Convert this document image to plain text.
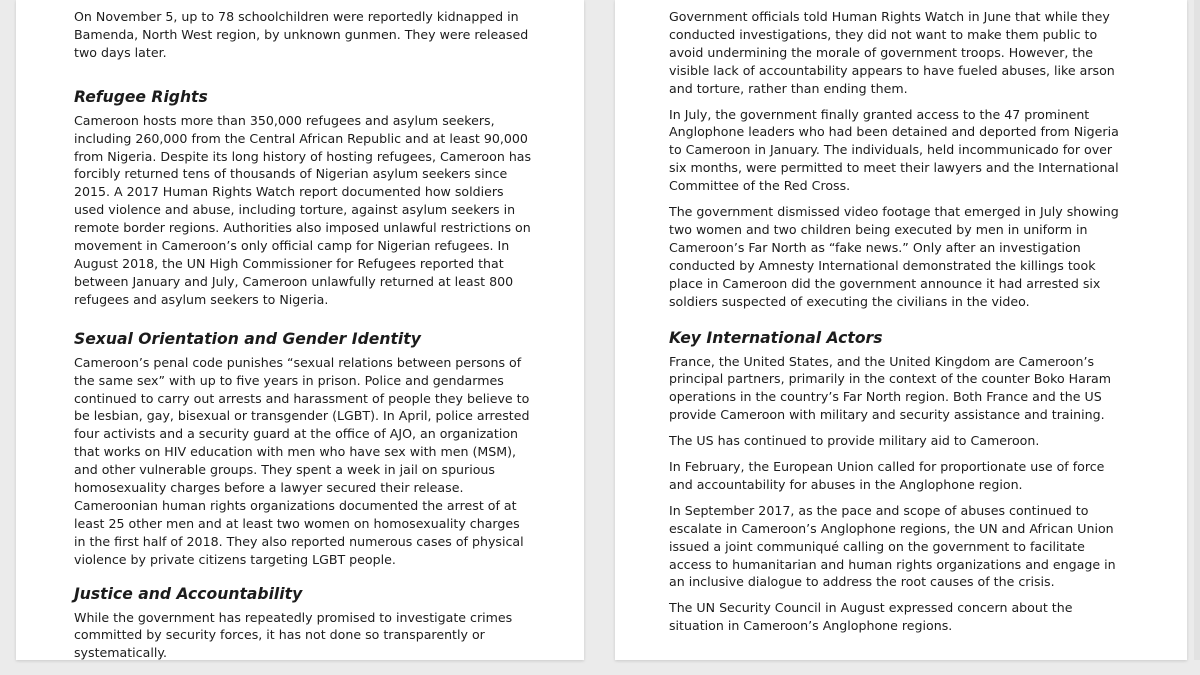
On November 5, up to 78 schoolchildren were reportedly kidnapped in Bamenda, North West region, by unknown gunmen. They were released two days later.

Refugee Rights

Cameroon hosts more than 350,000 refugees and asylum seekers, including 260,000 from the Central African Republic and at least 90,000 from Nigeria. Despite its long history of hosting refugees, Cameroon has forcibly returned tens of thousands of Nigerian asylum seekers since 2015. A 2017 Human Rights Watch report documented how soldiers used violence and abuse, including torture, against asylum seekers in remote border regions. Authorities also imposed unlawful restrictions on movement in Cameroon’s only official camp for Nigerian refugees. In August 2018, the UN High Commissioner for Refugees reported that between January and July, Cameroon unlawfully returned at least 800 refugees and asylum seekers to Nigeria.

Sexual Orientation and Gender Identity

Cameroon’s penal code punishes “sexual relations between persons of the same sex” with up to five years in prison. Police and gendarmes continued to carry out arrests and harassment of people they believe to be lesbian, gay, bisexual or transgender (LGBT). In April, police arrested four activists and a security guard at the office of AJO, an organization that works on HIV education with men who have sex with men (MSM), and other vulnerable groups. They spent a week in jail on spurious homosexuality charges before a lawyer secured their release. Cameroonian human rights organizations documented the arrest of at least 25 other men and at least two women on homosexuality charges in the first half of 2018. They also reported numerous cases of physical violence by private citizens targeting LGBT people.

Justice and Accountability

While the government has repeatedly promised to investigate crimes committed by security forces, it has not done so transparently or systematically.

Government officials told Human Rights Watch in June that while they conducted investigations, they did not want to make them public to avoid undermining the morale of government troops. However, the visible lack of accountability appears to have fueled abuses, like arson and torture, rather than ending them.

In July, the government finally granted access to the 47 prominent Anglophone leaders who had been detained and deported from Nigeria to Cameroon in January. The individuals, held incommunicado for over six months, were permitted to meet their lawyers and the International Committee of the Red Cross.

The government dismissed video footage that emerged in July showing two women and two children being executed by men in uniform in Cameroon’s Far North as “fake news.” Only after an investigation conducted by Amnesty International demonstrated the killings took place in Cameroon did the government announce it had arrested six soldiers suspected of executing the civilians in the video.

Key International Actors

France, the United States, and the United Kingdom are Cameroon’s principal partners, primarily in the context of the counter Boko Haram operations in the country’s Far North region. Both France and the US provide Cameroon with military and security assistance and training.

The US has continued to provide military aid to Cameroon.

In February, the European Union called for proportionate use of force and accountability for abuses in the Anglophone region.

In September 2017, as the pace and scope of abuses continued to escalate in Cameroon’s Anglophone regions, the UN and African Union issued a joint communiqué calling on the government to facilitate access to humanitarian and human rights organizations and engage in an inclusive dialogue to address the root causes of the crisis.

The UN Security Council in August expressed concern about the situation in Cameroon’s Anglophone regions.
